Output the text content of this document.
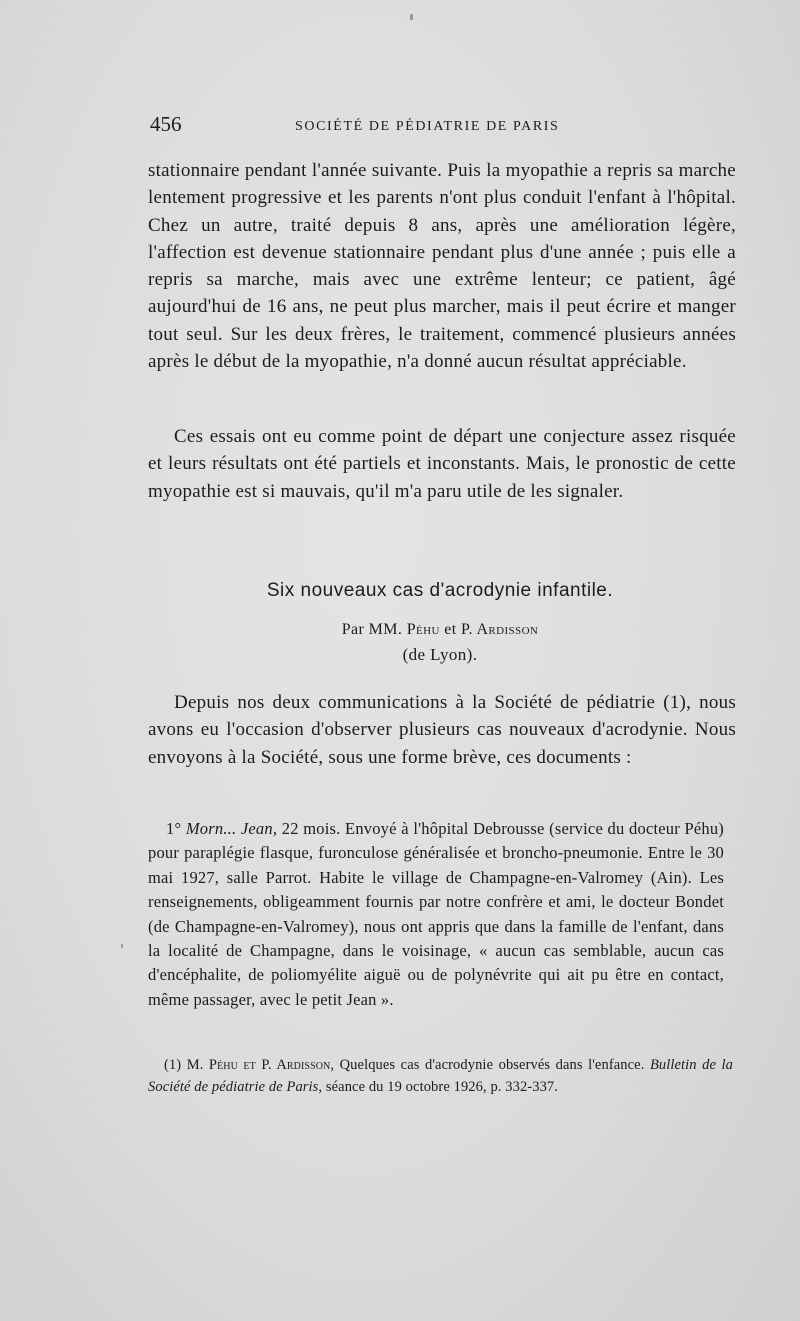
456	SOCIÉTÉ DE PÉDIATRIE DE PARIS

stationnaire pendant l'année suivante. Puis la myopathie a repris sa marche lentement progressive et les parents n'ont plus conduit l'enfant à l'hôpital. Chez un autre, traité depuis 8 ans, après une amélioration légère, l'affection est devenue stationnaire pendant plus d'une année ; puis elle a repris sa marche, mais avec une extrême lenteur; ce patient, âgé aujourd'hui de 16 ans, ne peut plus marcher, mais il peut écrire et manger tout seul. Sur les deux frères, le traitement, commencé plusieurs années après le début de la myopathie, n'a donné aucun résultat appréciable.

Ces essais ont eu comme point de départ une conjecture assez risquée et leurs résultats ont été partiels et inconstants. Mais, le pronostic de cette myopathie est si mauvais, qu'il m'a paru utile de les signaler.

Six nouveaux cas d'acrodynie infantile.
Par MM. Péhu et P. Ardisson
(de Lyon).

Depuis nos deux communications à la Société de pédiatrie (1), nous avons eu l'occasion d'observer plusieurs cas nouveaux d'acrodynie. Nous envoyons à la Société, sous une forme brève, ces documents :

1° Morn... Jean, 22 mois. Envoyé à l'hôpital Debrousse (service du docteur Péhu) pour paraplégie flasque, furonculose généralisée et broncho-pneumonie. Entre le 30 mai 1927, salle Parrot. Habite le village de Champagne-en-Valromey (Ain). Les renseignements, obligeamment fournis par notre confrère et ami, le docteur Bondet (de Champagne-en-Valromey), nous ont appris que dans la famille de l'enfant, dans la localité de Champagne, dans le voisinage, « aucun cas semblable, aucun cas d'encéphalite, de poliomyélite aiguë ou de polynévrite qui ait pu être en contact, même passager, avec le petit Jean ».

(1) M. Péhu et P. Ardisson, Quelques cas d'acrodynie observés dans l'enfance. Bulletin de la Société de pédiatrie de Paris, séance du 19 octobre 1926, p. 332-337.
